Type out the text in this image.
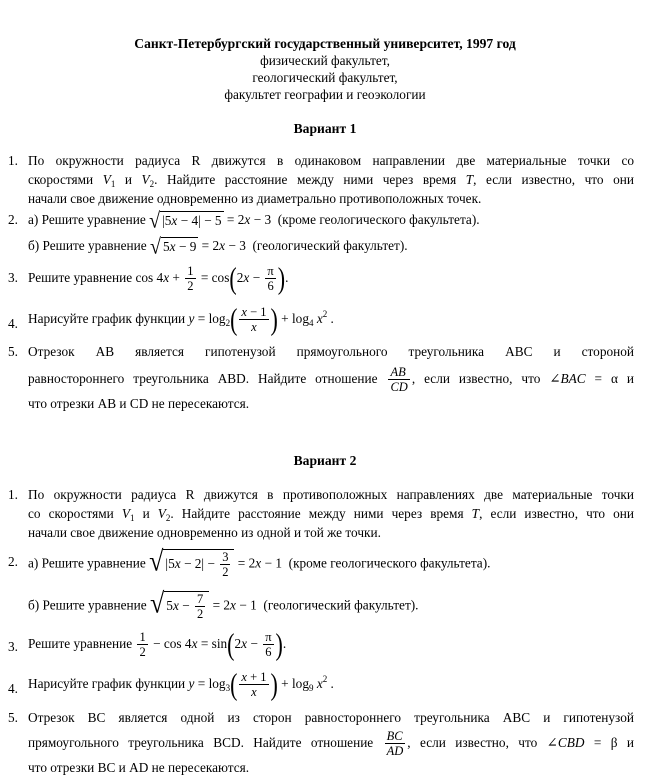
Санкт-Петербургский государственный университет, 1997 год
физический факультет,
геологический факультет,
факультет географии и геоэкологии
Вариант 1
1. По окружности радиуса R движутся в одинаковом направлении две материальные точки со
скоростями $V_1$ и $V_2$. Найдите расстояние между ними через время T, если известно, что они
начали свое движение одновременно из диаметрально противоположных точек.
2. а) Решите уравнение √ |5x − 4| − 5 = 2x − 3  (кроме геологического факультета).
б) Решите уравнение √ 5x − 9 = 2x − 3  (геологический факультет).
3. Решите уравнение $\cos 4x + \frac{1}{2} = \cos(2x - \frac{\pi}{6}$ ).
4. Нарисуйте график функции $y = \log_2( \frac{x - 1}{x}$ ) + $\log_4 x^2$ .
5. Отрезок AB является гипотенузой прямоугольного треугольника ABC и стороной
равностороннего треугольника ABD. Найдите отношение $\frac{AB}{CD}$ , если известно, что ∠BAC = α и
что отрезки AB и CD не пересекаются.
Вариант 2
1. По окружности радиуса R движутся в противоположных направлениях две материальные точки
со скоростями $V_1$ и $V_2$. Найдите расстояние между ними через время T, если известно, что они
начали свое движение одновременно из одной и той же точки.
2. а) Решите уравнение √ $|5x - 2| - \frac{3}{2} = 2x - 1$  (кроме геологического факультета).
б) Решите уравнение √ $5x - \frac{7}{2} = 2x - 1$  (геологический факультет).
3. Решите уравнение $\frac{1}{2} - \cos 4x = \sin(2x - \frac{\pi}{6}$ ).
4. Нарисуйте график функции $y = \log_3( \frac{x + 1}{x}$ ) + $\log_9 x^2$ .
5. Отрезок BC является одной из сторон равностороннего треугольника ABC и гипотенузой
прямоугольного треугольника BCD. Найдите отношение $\frac{BC}{AD}$ , если известно, что ∠CBD = β и
что отрезки BC и AD не пересекаются.
